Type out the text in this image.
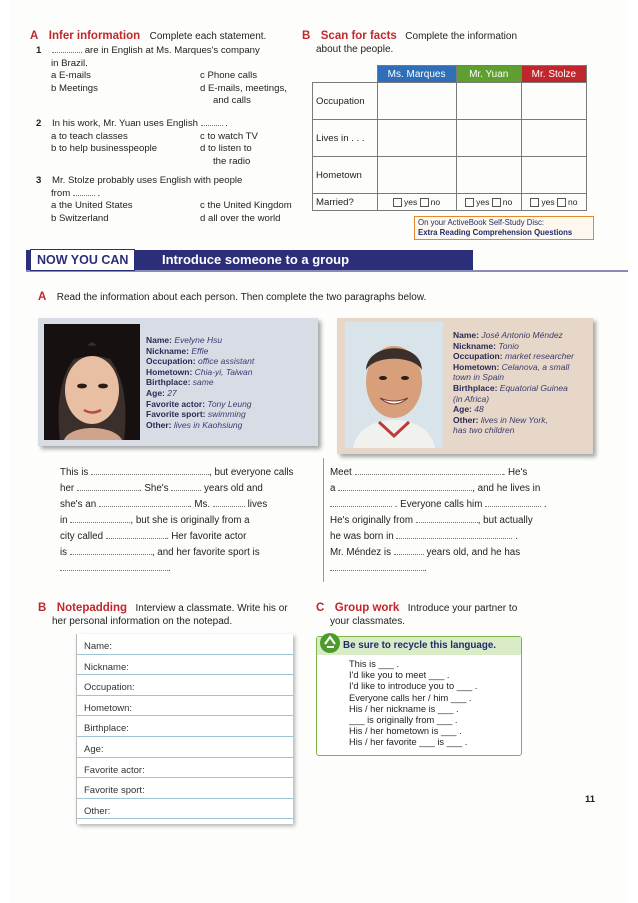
A Infer information Complete each statement.
1	are in English at Ms. Marques's company
in Brazil.
a E-mails	c Phone calls
b Meetings	d E-mails, meetings,
and calls
2 In his work, Mr. Yuan uses English	.
a to teach classes	c to watch TV
b to help businesspeople	d to listen to
the radio
3 Mr. Stolze probably uses English with people
from	.
a the United States	c the United Kingdom
b Switzerland	d all over the world
B Scan for facts Complete the information
about the people.
	Ms. Marques	Mr. Yuan	Mr. Stolze
Occupation			
Lives in . . .			
Hometown			
Married?	yes no	yes no	yes no
On your ActiveBook Self-Study Disc:
Extra Reading Comprehension Questions
NOW YOU CAN	Introduce someone to a group
A Read the information about each person. Then complete the two paragraphs below.
Name: Evelyne Hsu
Nickname: Effie
Occupation: office assistant
Hometown: Chia-yi, Taiwan
Birthplace: same
Age: 27
Favorite actor: Tony Leung
Favorite sport: swimming
Other: lives in Kaohsiung
Name: José Antonio Méndez
Nickname: Tonio
Occupation: market researcher
Hometown: Celanova, a small
town in Spain
Birthplace: Equatorial Guinea
(in Africa)
Age: 48
Other: lives in New York,
has two children
This is	, but everyone calls
her	. She's	years old and
she's an	. Ms.	lives
in	, but she is originally from a
city called	. Her favorite actor
is	, and her favorite sport is
.
Meet	. He's
a	, and he lives in
. Everyone calls him	.
He's originally from	, but actually
he was born in	.
Mr. Méndez is	years old, and he has
.
B Notepadding Interview a classmate. Write his or
her personal information on the notepad.
Name:
Nickname:
Occupation:
Hometown:
Birthplace:
Age:
Favorite actor:
Favorite sport:
Other:
C Group work Introduce your partner to
your classmates.
Be sure to recycle this language.
This is ___ .
I'd like you to meet ___ .
I'd like to introduce you to ___ .
Everyone calls her / him ___ .
His / her nickname is ___ .
___ is originally from ___ .
His / her hometown is ___ .
His / her favorite ___ is ___ .
11
